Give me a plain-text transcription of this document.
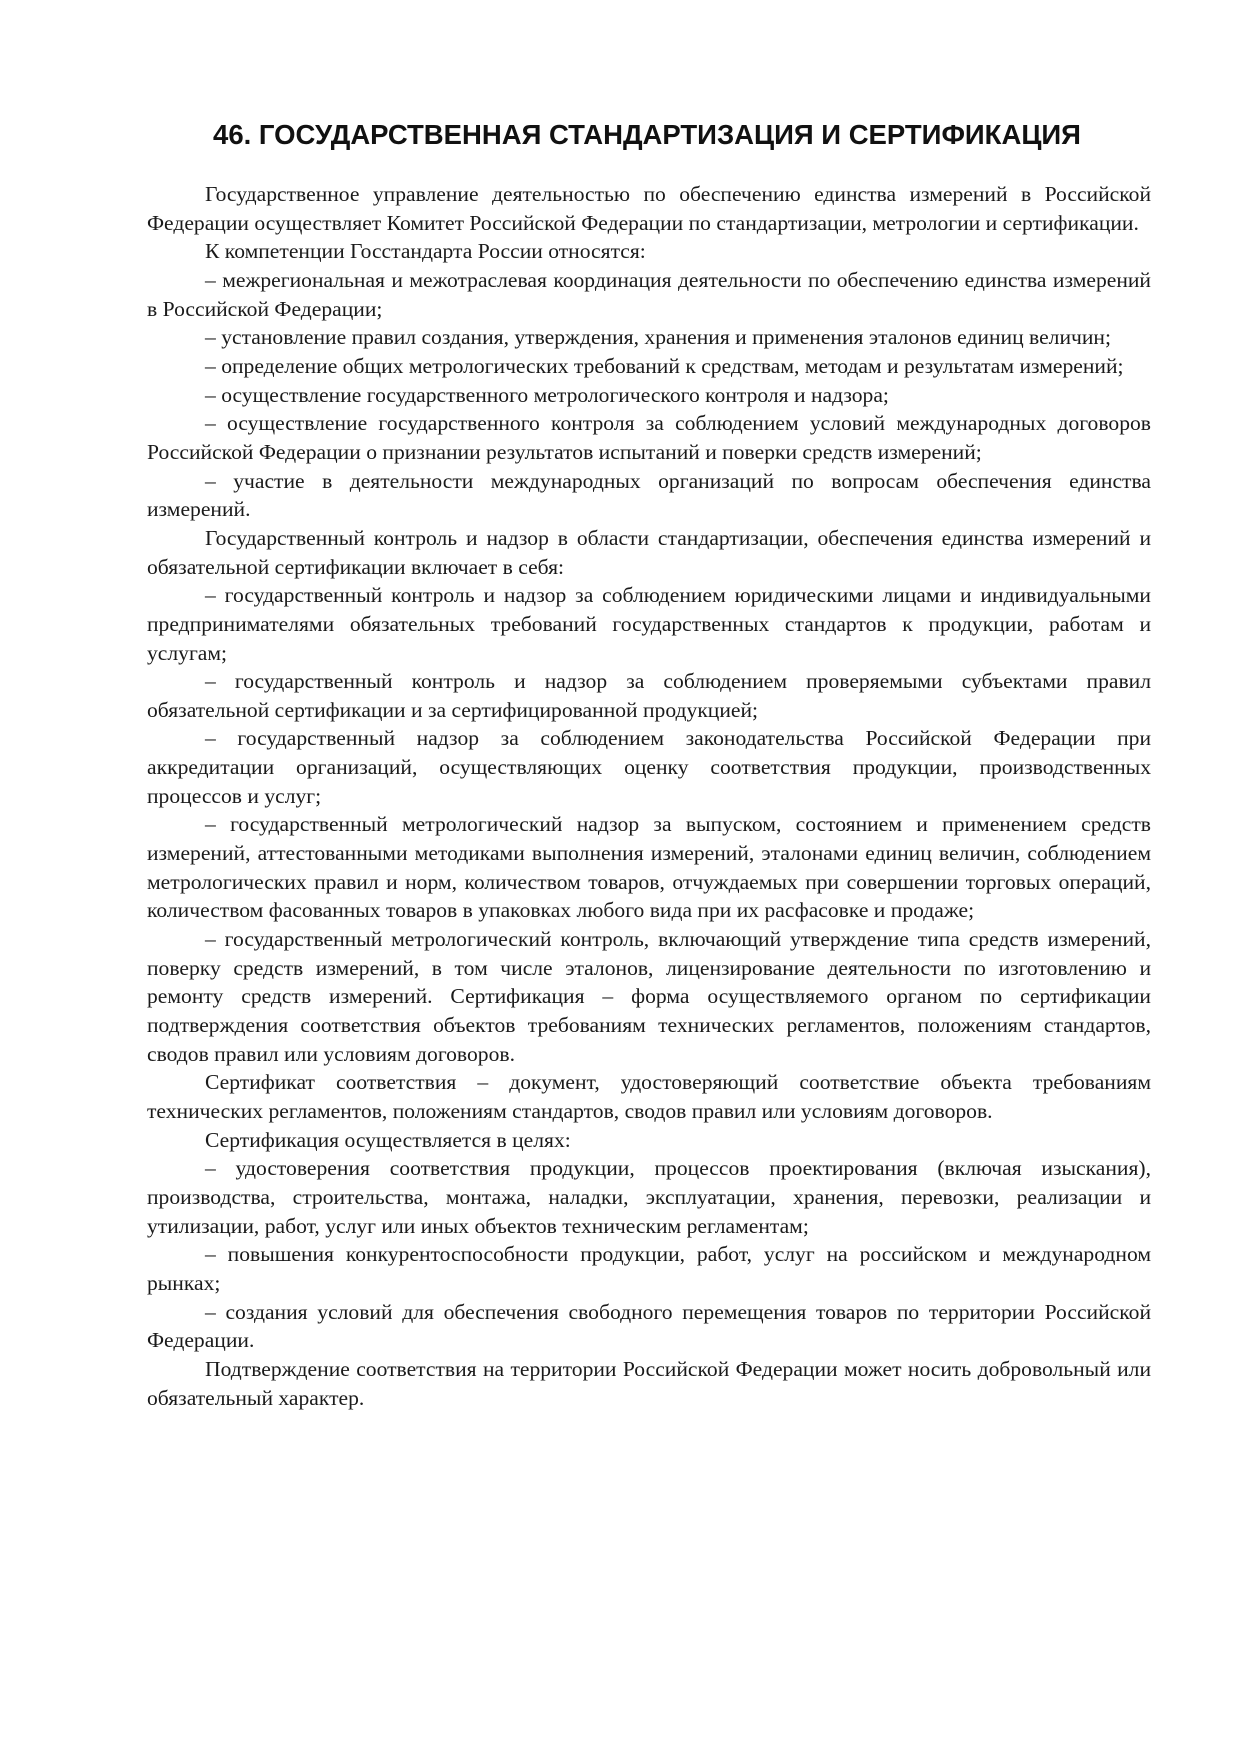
46. ГОСУДАРСТВЕННАЯ СТАНДАРТИЗАЦИЯ И СЕРТИФИКАЦИЯ

Государственное управление деятельностью по обеспечению единства измерений в Российской Федерации осуществляет Комитет Российской Федерации по стандартизации, метрологии и сертификации.

К компетенции Госстандарта России относятся:

– межрегиональная и межотраслевая координация деятельности по обеспечению единства измерений в Российской Федерации;

– установление правил создания, утверждения, хранения и применения эталонов единиц величин;

– определение общих метрологических требований к средствам, методам и результатам измерений;

– осуществление государственного метрологического контроля и надзора;

– осуществление государственного контроля за соблюдением условий международных договоров Российской Федерации о признании результатов испытаний и поверки средств измерений;

– участие в деятельности международных организаций по вопросам обеспечения единства измерений.

Государственный контроль и надзор в области стандартизации, обеспечения единства измерений и обязательной сертификации включает в себя:

– государственный контроль и надзор за соблюдением юридическими лицами и индивидуальными предпринимателями обязательных требований государственных стандартов к продукции, работам и услугам;

– государственный контроль и надзор за соблюдением проверяемыми субъектами правил обязательной сертификации и за сертифицированной продукцией;

– государственный надзор за соблюдением законодательства Российской Федерации при аккредитации организаций, осуществляющих оценку соответствия продукции, производственных процессов и услуг;

– государственный метрологический надзор за выпуском, состоянием и применением средств измерений, аттестованными методиками выполнения измерений, эталонами единиц величин, соблюдением метрологических правил и норм, количеством товаров, отчуждаемых при совершении торговых операций, количеством фасованных товаров в упаковках любого вида при их расфасовке и продаже;

– государственный метрологический контроль, включающий утверждение типа средств измерений, поверку средств измерений, в том числе эталонов, лицензирование деятельности по изготовлению и ремонту средств измерений. Сертификация – форма осуществляемого органом по сертификации подтверждения соответствия объектов требованиям технических регламентов, положениям стандартов, сводов правил или условиям договоров.

Сертификат соответствия – документ, удостоверяющий соответствие объекта требованиям технических регламентов, положениям стандартов, сводов правил или условиям договоров.

Сертификация осуществляется в целях:

– удостоверения соответствия продукции, процессов проектирования (включая изыскания), производства, строительства, монтажа, наладки, эксплуатации, хранения, перевозки, реализации и утилизации, работ, услуг или иных объектов техническим регламентам;

– повышения конкурентоспособности продукции, работ, услуг на российском и международном рынках;

– создания условий для обеспечения свободного перемещения товаров по территории Российской Федерации.

Подтверждение соответствия на территории Российской Федерации может носить добровольный или обязательный характер.
